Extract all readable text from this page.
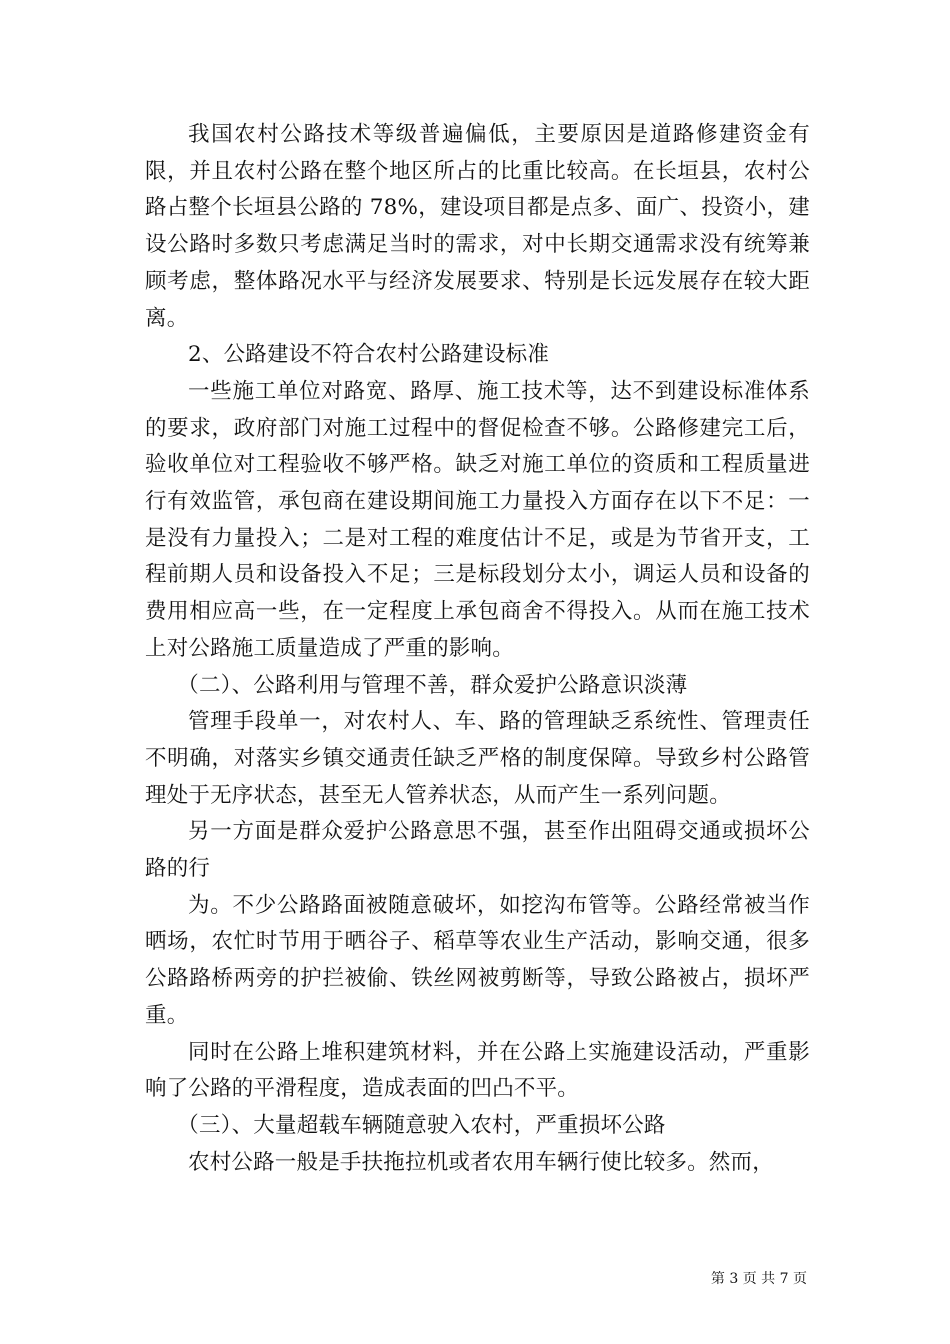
我国农村公路技术等级普遍偏低，主要原因是道路修建资金有限，并且农村公路在整个地区所占的比重比较高。在长垣县，农村公路占整个长垣县公路的 78%，建设项目都是点多、面广、投资小，建设公路时多数只考虑满足当时的需求，对中长期交通需求没有统筹兼顾考虑，整体路况水平与经济发展要求、特别是长远发展存在较大距离。

2、公路建设不符合农村公路建设标准

一些施工单位对路宽、路厚、施工技术等，达不到建设标准体系的要求，政府部门对施工过程中的督促检查不够。公路修建完工后，验收单位对工程验收不够严格。缺乏对施工单位的资质和工程质量进行有效监管，承包商在建设期间施工力量投入方面存在以下不足：一是没有力量投入；二是对工程的难度估计不足，或是为节省开支，工程前期人员和设备投入不足；三是标段划分太小，调运人员和设备的费用相应高一些，在一定程度上承包商舍不得投入。从而在施工技术上对公路施工质量造成了严重的影响。

（二）、公路利用与管理不善，群众爱护公路意识淡薄

管理手段单一，对农村人、车、路的管理缺乏系统性、管理责任不明确，对落实乡镇交通责任缺乏严格的制度保障。导致乡村公路管理处于无序状态，甚至无人管养状态，从而产生一系列问题。

另一方面是群众爱护公路意思不强，甚至作出阻碍交通或损坏公路的行

为。不少公路路面被随意破坏，如挖沟布管等。公路经常被当作晒场，农忙时节用于晒谷子、稻草等农业生产活动，影响交通，很多公路路桥两旁的护拦被偷、铁丝网被剪断等，导致公路被占，损坏严重。

同时在公路上堆积建筑材料，并在公路上实施建设活动，严重影响了公路的平滑程度，造成表面的凹凸不平。

（三）、大量超载车辆随意驶入农村，严重损坏公路

农村公路一般是手扶拖拉机或者农用车辆行使比较多。然而，

第 3 页 共 7 页
